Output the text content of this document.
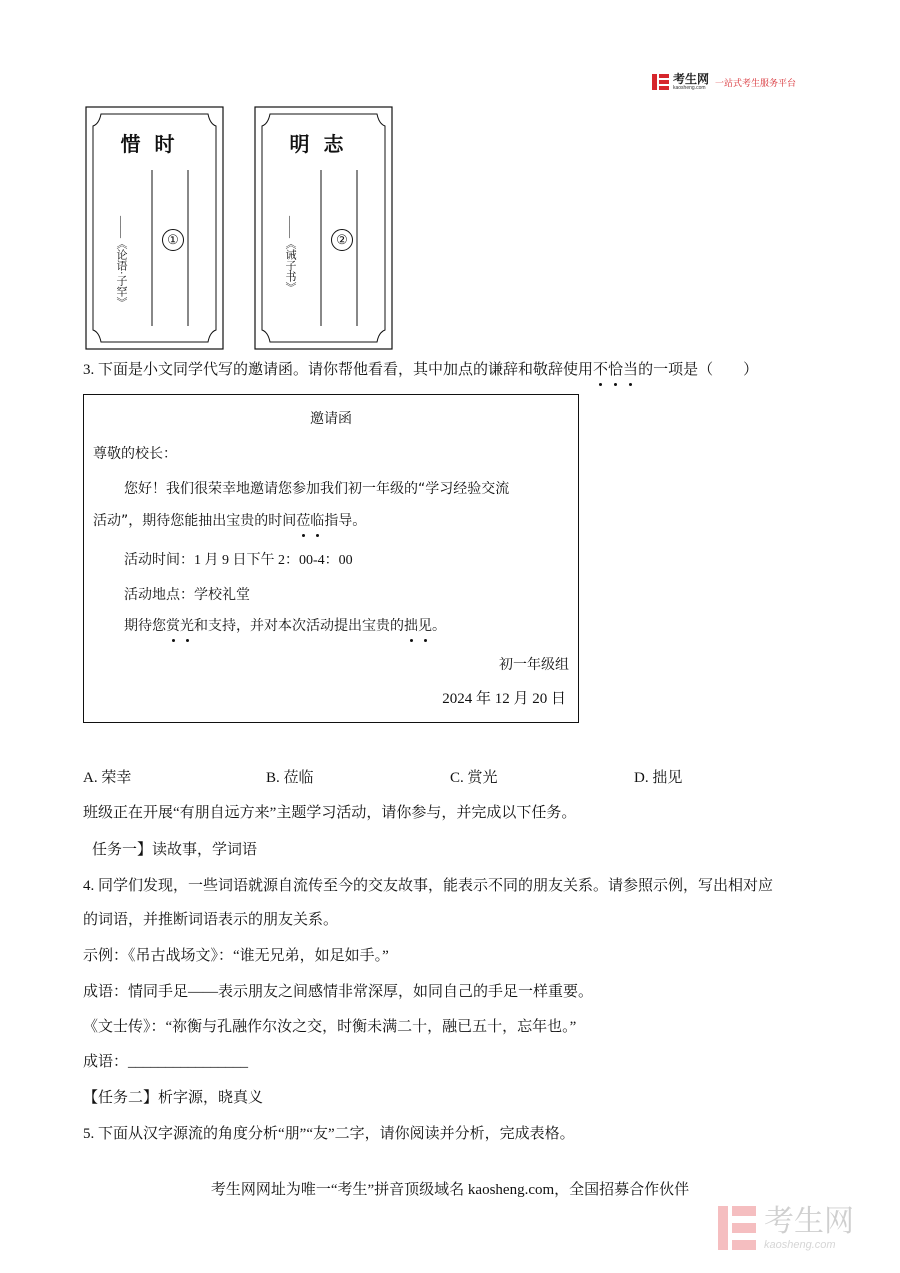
考生网
kaosheng.com	一站式考生服务平台
惜时
①
——《论语·子罕》
明志
②
——《诫子书》
3. 下面是小文同学代写的邀请函。请你帮他看看，其中加点的谦辞和敬辞使用不恰当的一项是（　　）
邀请函
尊敬的校长：
您好！我们很荣幸地邀请您参加我们初一年级的“学习经验交流
活动”，期待您能抽出宝贵的时间莅临指导。
活动时间：1 月 9 日下午 2：00-4：00
活动地点：学校礼堂
期待您赏光和支持，并对本次活动提出宝贵的拙见。
初一年级组
2024 年 12 月 20 日
A. 荣幸	B. 莅临	C. 赏光	D. 拙见
班级正在开展“有朋自远方来”主题学习活动，请你参与，并完成以下任务。
任务一】读故事，学词语
4. 同学们发现，一些词语就源自流传至今的交友故事，能表示不同的朋友关系。请参照示例，写出相对应
的词语，并推断词语表示的朋友关系。
示例：《吊古战场文》：“谁无兄弟，如足如手。”
成语：情同手足——表示朋友之间感情非常深厚，如同自己的手足一样重要。
《文士传》：“祢衡与孔融作尔汝之交，时衡未满二十，融已五十，忘年也。”
成语：________________
【任务二】析字源，晓真义
5. 下面从汉字源流的角度分析“朋”“友”二字，请你阅读并分析，完成表格。
考生网网址为唯一“考生”拼音顶级域名 kaosheng.com，全国招募合作伙伴
考生网
kaosheng.com
